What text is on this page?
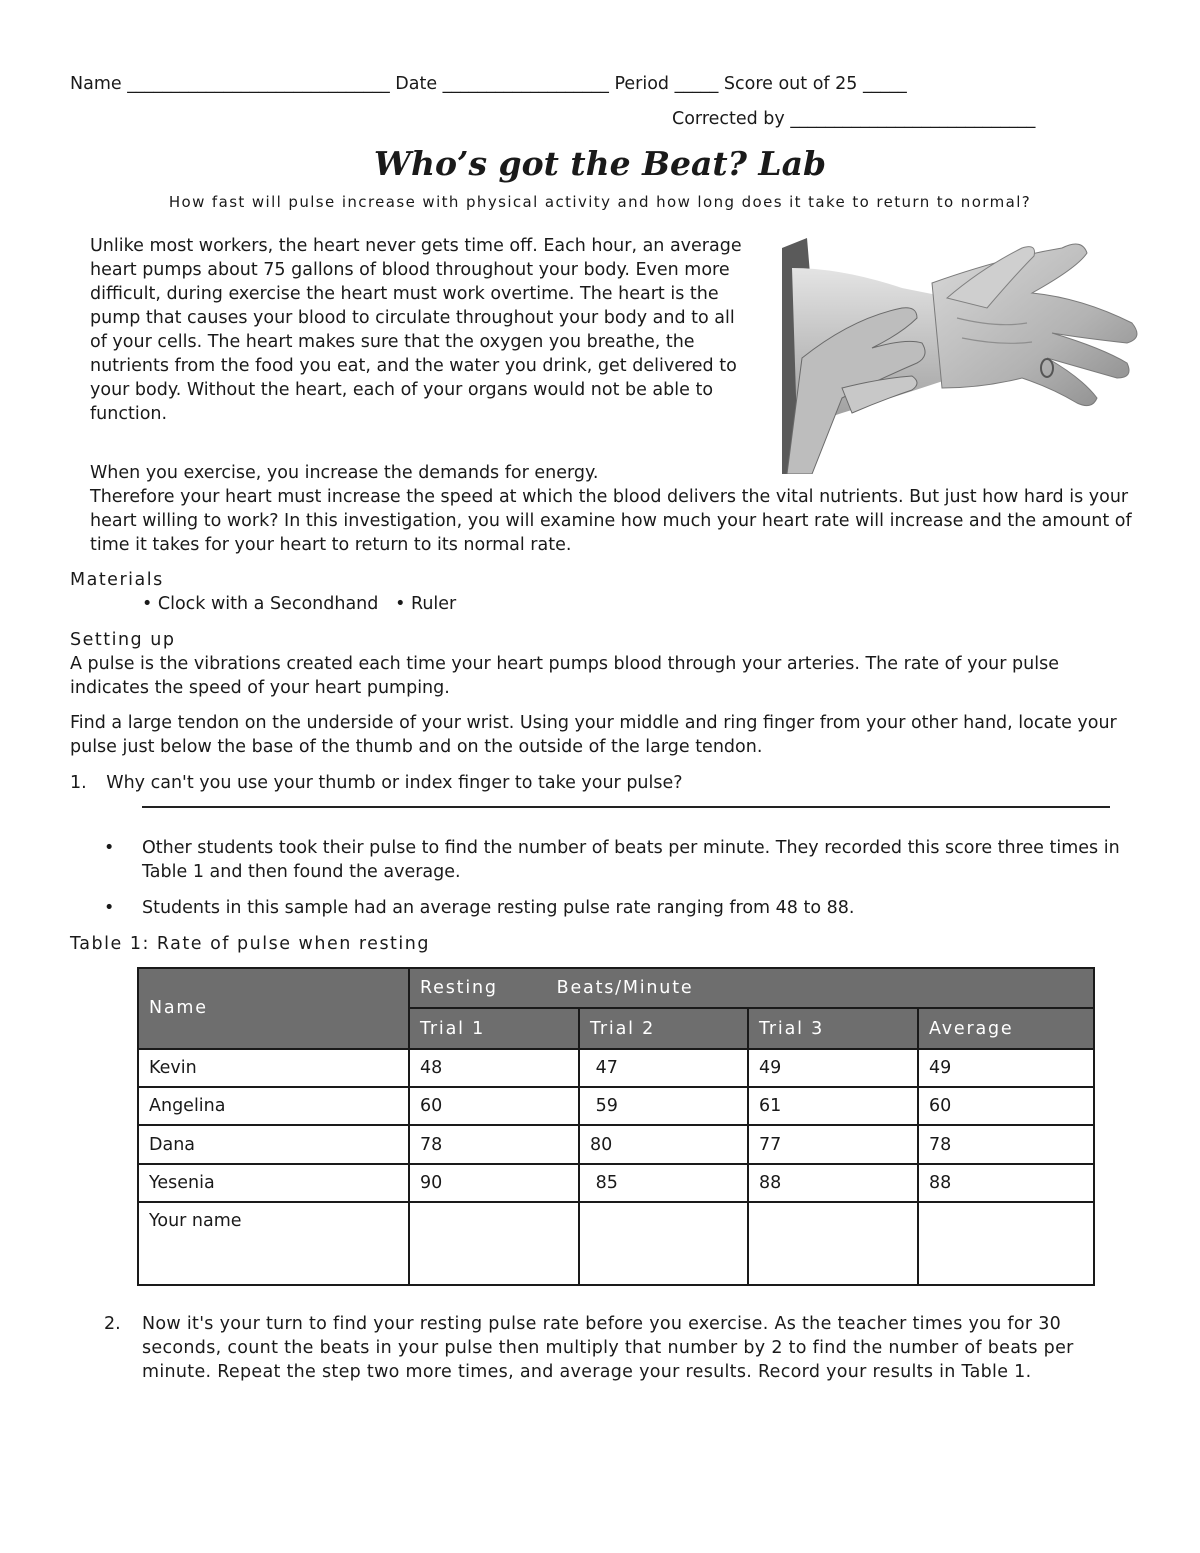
Name ______________________________ Date ___________________ Period _____ Score out of 25 _____
Corrected by ____________________________
Who’s got the Beat? Lab
How fast will pulse increase with physical activity and how long does it take to return to normal?

Unlike most workers, the heart never gets time off. Each hour, an average heart pumps about 75 gallons of blood throughout your body. Even more difficult, during exercise the heart must work overtime. The heart is the pump that causes your blood to circulate throughout your body and to all of your cells. The heart makes sure that the oxygen you breathe, the nutrients from the food you eat, and the water you drink, get delivered to your body. Without the heart, each of your organs would not be able to function.

When you exercise, you increase the demands for energy.

Therefore your heart must increase the speed at which the blood delivers the vital nutrients. But just how hard is your heart willing to work? In this investigation, you will examine how much your heart rate will increase and the amount of time it takes for your heart to return to its normal rate.

Materials
• Clock with a Secondhand   • Ruler
Setting up
A pulse is the vibrations created each time your heart pumps blood through your arteries. The rate of your pulse indicates the speed of your heart pumping.
Find a large tendon on the underside of your wrist. Using your middle and ring finger from your other hand, locate your pulse just below the base of the thumb and on the outside of the large tendon.
1. Why can't you use your thumb or index finger to take your pulse?
• Other students took their pulse to find the number of beats per minute. They recorded this score three times in Table 1 and then found the average.
• Students in this sample had an average resting pulse rate ranging from 48 to 88.
Table 1: Rate of pulse when resting
Name	Resting        Beats/Minute			
	Trial 1	Trial 2	Trial 3	Average
Kevin	48	47	49	49
Angelina	60	59	61	60
Dana	78	80	77	78
Yesenia	90	85	88	88
Your name				
2. Now it's your turn to find your resting pulse rate before you exercise. As the teacher times you for 30 seconds, count the beats in your pulse then multiply that number by 2 to find the number of beats per minute. Repeat the step two more times, and average your results. Record your results in Table 1.
